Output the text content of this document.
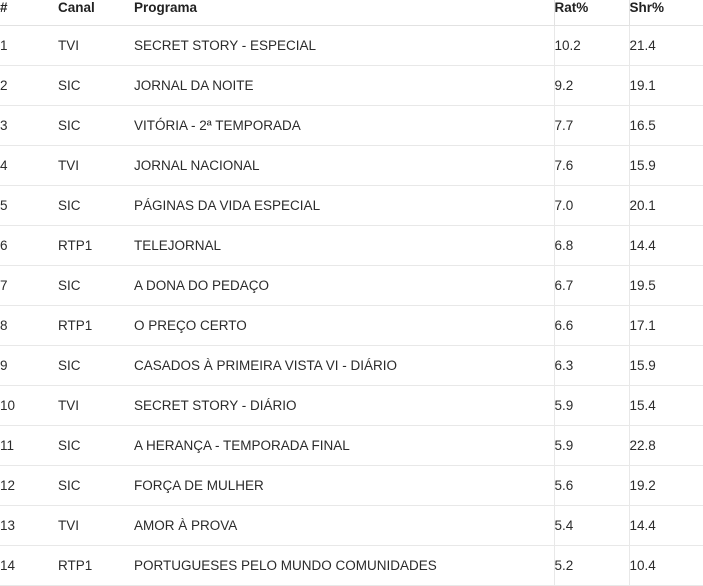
#	Canal	Programa	Rat%	Shr%
1	TVI	SECRET STORY - ESPECIAL	10.2	21.4
2	SIC	JORNAL DA NOITE	9.2	19.1
3	SIC	VITÓRIA - 2ª TEMPORADA	7.7	16.5
4	TVI	JORNAL NACIONAL	7.6	15.9
5	SIC	PÁGINAS DA VIDA ESPECIAL	7.0	20.1
6	RTP1	TELEJORNAL	6.8	14.4
7	SIC	A DONA DO PEDAÇO	6.7	19.5
8	RTP1	O PREÇO CERTO	6.6	17.1
9	SIC	CASADOS À PRIMEIRA VISTA VI - DIÁRIO	6.3	15.9
10	TVI	SECRET STORY - DIÁRIO	5.9	15.4
11	SIC	A HERANÇA - TEMPORADA FINAL	5.9	22.8
12	SIC	FORÇA DE MULHER	5.6	19.2
13	TVI	AMOR À PROVA	5.4	14.4
14	RTP1	PORTUGUESES PELO MUNDO COMUNIDADES	5.2	10.4
